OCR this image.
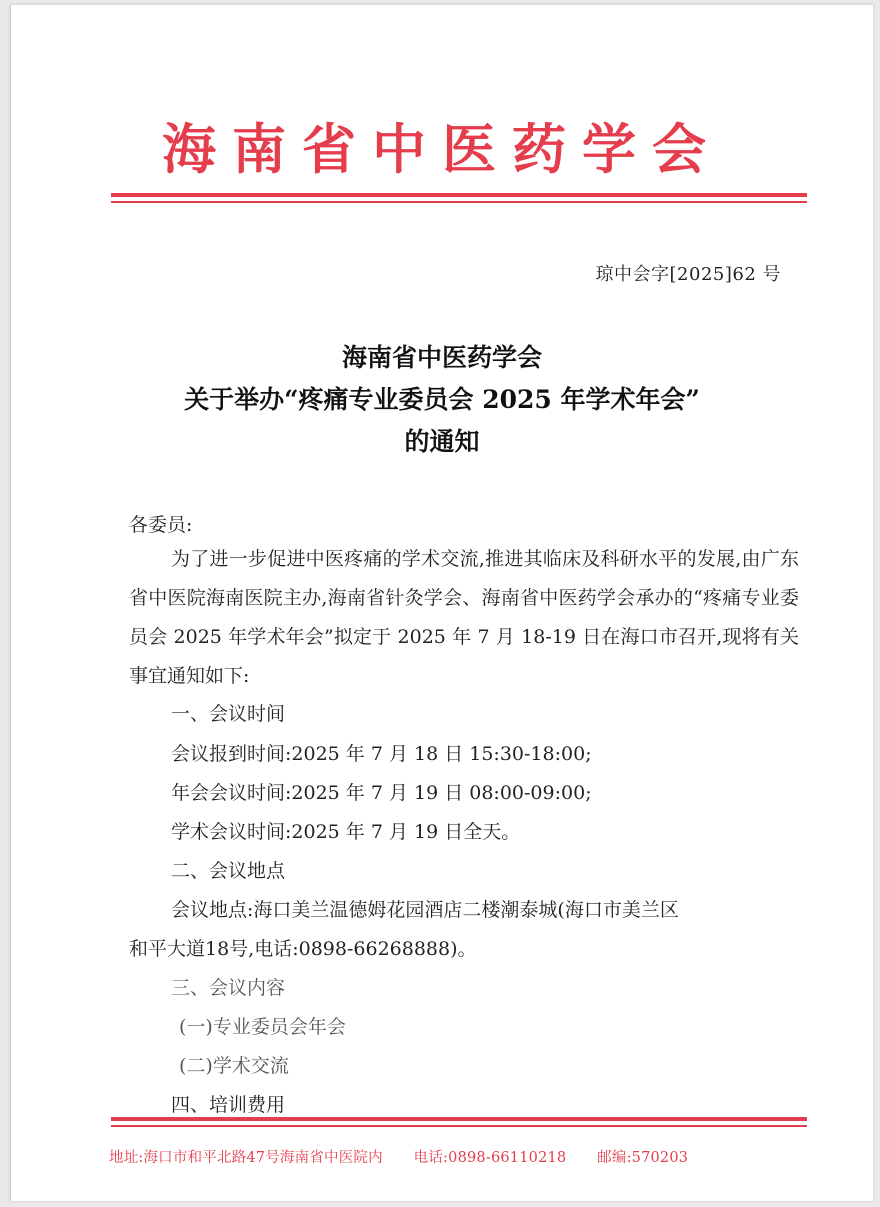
海南省中医药学会
琼中会字[2025]62 号
海南省中医药学会
关于举办“疼痛专业委员会 2025 年学术年会”
的通知
各委员:

为了进一步促进中医疼痛的学术交流,推进其临床及科研水平的发展,由广东省中医院海南医院主办,海南省针灸学会、海南省中医药学会承办的“疼痛专业委员会 2025 年学术年会”拟定于 2025 年 7 月 18-19 日在海口市召开,现将有关事宜通知如下:

一、会议时间
会议报到时间:2025 年 7 月 18 日 15:30-18:00;
年会会议时间:2025 年 7 月 19 日 08:00-09:00;
学术会议时间:2025 年 7 月 19 日全天。
二、会议地点
会议地点:海口美兰温德姆花园酒店二楼潮泰城(海口市美兰区
和平大道18号,电话:0898-66268888)。
三、会议内容
(一)专业委员会年会
(二)学术交流
四、培训费用
地址:海口市和平北路47号海南省中医院内 电话:0898-66110218 邮编:570203
